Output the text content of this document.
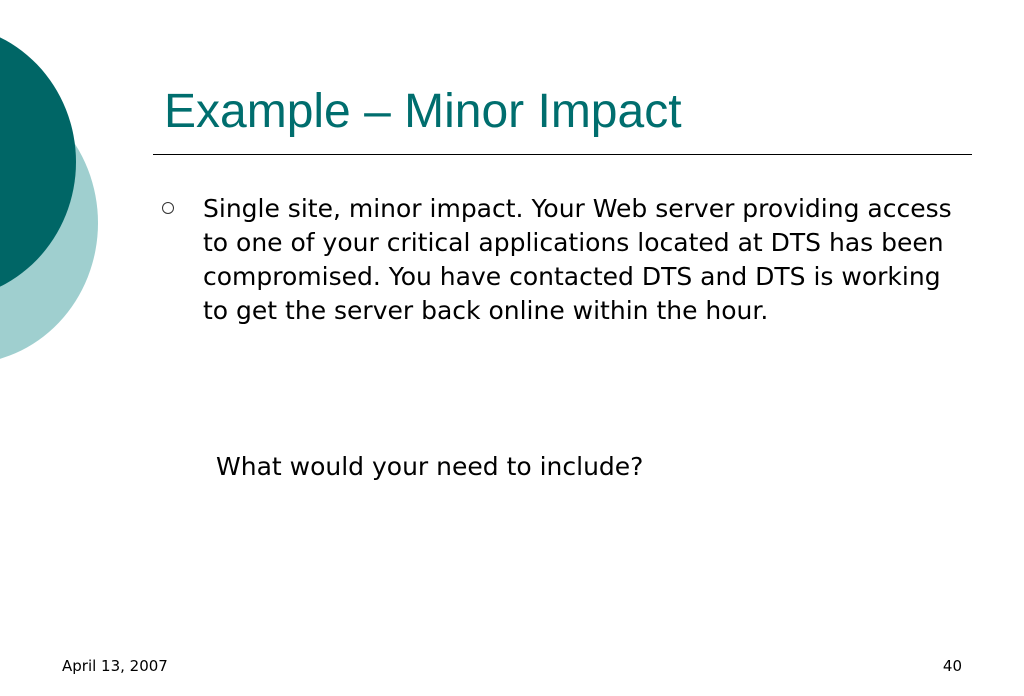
Example – Minor Impact
Single site, minor impact. Your Web server providing access to one of your critical applications located at DTS has been compromised. You have contacted DTS and DTS is working to get the server back online within the hour.

What would your need to include?

April 13, 2007	40
